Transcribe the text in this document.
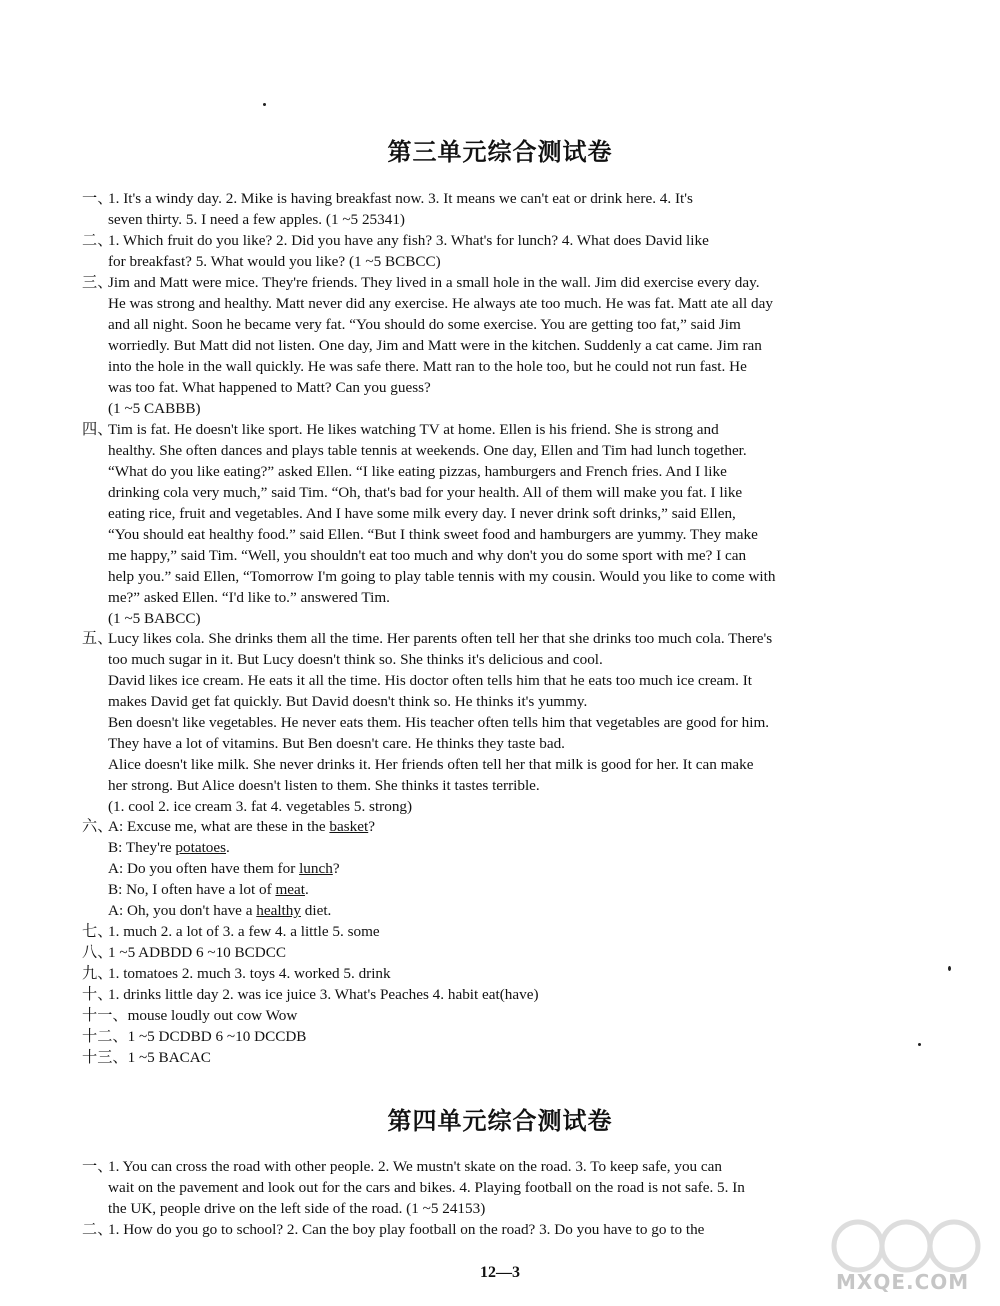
第三单元综合测试卷
一、1. It's a windy day. 2. Mike is having breakfast now. 3. It means we can't eat or drink here. 4. It's
seven thirty. 5. I need a few apples. (1 ~5 25341)
二、1. Which fruit do you like? 2. Did you have any fish? 3. What's for lunch? 4. What does David like
for breakfast? 5. What would you like? (1 ~5 BCBCC)
三、Jim and Matt were mice. They're friends. They lived in a small hole in the wall. Jim did exercise every day.
He was strong and healthy. Matt never did any exercise. He always ate too much. He was fat. Matt ate all day
and all night. Soon he became very fat. “You should do some exercise. You are getting too fat,” said Jim
worriedly. But Matt did not listen. One day, Jim and Matt were in the kitchen. Suddenly a cat came. Jim ran
into the hole in the wall quickly. He was safe there. Matt ran to the hole too, but he could not run fast. He
was too fat. What happened to Matt? Can you guess?
(1 ~5 CABBB)
四、Tim is fat. He doesn't like sport. He likes watching TV at home. Ellen is his friend. She is strong and
healthy. She often dances and plays table tennis at weekends. One day, Ellen and Tim had lunch together.
“What do you like eating?” asked Ellen. “I like eating pizzas, hamburgers and French fries. And I like
drinking cola very much,” said Tim. “Oh, that's bad for your health. All of them will make you fat. I like
eating rice, fruit and vegetables. And I have some milk every day. I never drink soft drinks,” said Ellen,
“You should eat healthy food.” said Ellen. “But I think sweet food and hamburgers are yummy. They make
me happy,” said Tim. “Well, you shouldn't eat too much and why don't you do some sport with me? I can
help you.” said Ellen, “Tomorrow I'm going to play table tennis with my cousin. Would you like to come with
me?” asked Ellen. “I'd like to.” answered Tim.
(1 ~5 BABCC)
五、Lucy likes cola. She drinks them all the time. Her parents often tell her that she drinks too much cola. There's
too much sugar in it. But Lucy doesn't think so. She thinks it's delicious and cool.
David likes ice cream. He eats it all the time. His doctor often tells him that he eats too much ice cream. It
makes David get fat quickly. But David doesn't think so. He thinks it's yummy.
Ben doesn't like vegetables. He never eats them. His teacher often tells him that vegetables are good for him.
They have a lot of vitamins. But Ben doesn't care. He thinks they taste bad.
Alice doesn't like milk. She never drinks it. Her friends often tell her that milk is good for her. It can make
her strong. But Alice doesn't listen to them. She thinks it tastes terrible.
(1. cool 2. ice cream 3. fat 4. vegetables 5. strong)
六、A: Excuse me, what are these in the basket?
B: They're potatoes.
A: Do you often have them for lunch?
B: No, I often have a lot of meat.
A: Oh, you don't have a healthy diet.
七、1. much 2. a lot of 3. a few 4. a little 5. some
八、1 ~5 ADBDD 6 ~10 BCDCC
九、1. tomatoes 2. much 3. toys 4. worked 5. drink
十、1. drinks little day 2. was ice juice 3. What's Peaches 4. habit eat(have)
十一、mouse loudly out cow Wow
十二、1 ~5 DCDBD 6 ~10 DCCDB
十三、1 ~5 BACAC
第四单元综合测试卷
一、1. You can cross the road with other people. 2. We mustn't skate on the road. 3. To keep safe, you can
wait on the pavement and look out for the cars and bikes. 4. Playing football on the road is not safe. 5. In
the UK, people drive on the left side of the road. (1 ~5 24153)
二、1. How do you go to school? 2. Can the boy play football on the road? 3. Do you have to go to the
12—3	MXQE.COM
